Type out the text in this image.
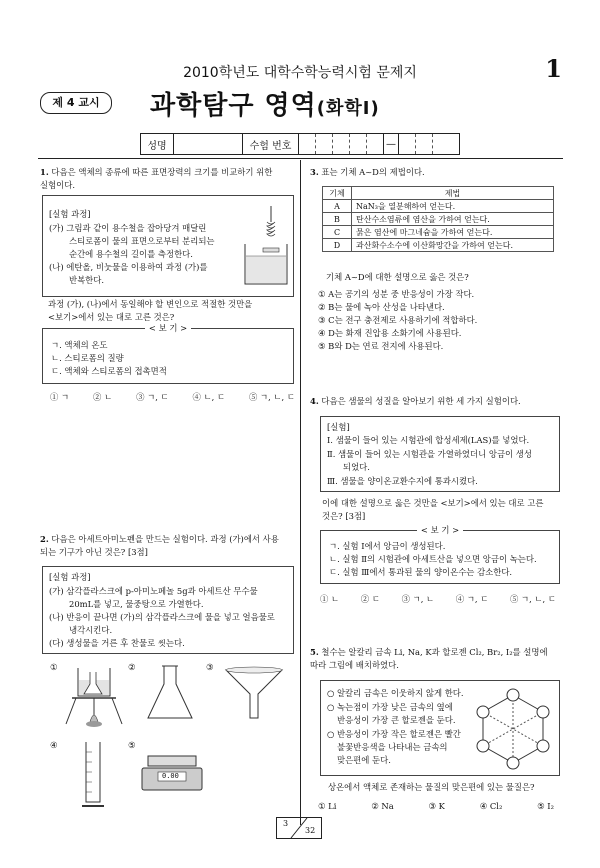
2010학년도 대학수학능력시험 문제지	1
제 4 교시	과학탐구 영역(화학Ⅰ)
성명	수험 번호	—
1. 다음은 액체의 종류에 따른 표면장력의 크기를 비교하기 위한
실험이다.
[실험 과정]
(가) 그림과 같이 용수철을 잡아당겨 매달린
스티로폼이 물의 표면으로부터 분리되는
순간에 용수철의 길이를 측정한다.
(나) 에탄올, 비눗물을 이용하여 과정 (가)를
반복한다.
과정 (가), (나)에서 동일해야 할 변인으로 적절한 것만을
<보기>에서 있는 대로 고른 것은?
< 보 기 >
ㄱ. 액체의 온도
ㄴ. 스티로폼의 질량
ㄷ. 액체와 스티로폼의 접촉면적
① ㄱ	② ㄴ	③ ㄱ, ㄷ	④ ㄴ, ㄷ	⑤ ㄱ, ㄴ, ㄷ
2. 다음은 아세트아미노펜을 만드는 실험이다. 과정 (가)에서 사용
되는 기구가 아닌 것은? [3점]
[실험 과정]
(가) 삼각플라스크에 p-아미노페놀 5g과 아세트산 무수물
20mL를 넣고, 물중탕으로 가열한다.
(나) 반응이 끝나면 (가)의 삼각플라스크에 물을 넣고 얼음물로
냉각시킨다.
(다) 생성물을 거른 후 찬물로 씻는다.
①	②	③
④	⑤
0.00
3. 표는 기체 A~D의 제법이다.
기체	제법
A	NaN₃을 열분해하여 얻는다.
B	탄산수소염류에 염산을 가하여 얻는다.
C	묽은 염산에 마그네슘을 가하여 얻는다.
D	과산화수소수에 이산화망간을 가하여 얻는다.
기체 A~D에 대한 설명으로 옳은 것은?
① A는 공기의 성분 중 반응성이 가장 작다.
② B는 물에 녹아 산성을 나타낸다.
③ C는 전구 충전제로 사용하기에 적합하다.
④ D는 화재 진압용 소화기에 사용된다.
⑤ B와 D는 연료 전지에 사용된다.
4. 다음은 샘물의 성질을 알아보기 위한 세 가지 실험이다.
[실험]
Ⅰ. 샘물이 들어 있는 시험관에 합성세제(LAS)를 넣었다.
Ⅱ. 샘물이 들어 있는 시험관을 가열하였더니 앙금이 생성
되었다.
Ⅲ. 샘물을 양이온교환수지에 통과시켰다.
이에 대한 설명으로 옳은 것만을 <보기>에서 있는 대로 고른
것은? [3점]
< 보 기 >
ㄱ. 실험 Ⅰ에서 앙금이 생성된다.
ㄴ. 실험 Ⅱ의 시험관에 아세트산을 넣으면 앙금이 녹는다.
ㄷ. 실험 Ⅲ에서 통과된 물의 양이온수는 감소한다.
① ㄴ	② ㄷ	③ ㄱ, ㄴ	④ ㄱ, ㄷ	⑤ ㄱ, ㄴ, ㄷ
5. 철수는 알칼리 금속 Li, Na, K과 할로젠 Cl₂, Br₂, I₂를 설명에
따라 그림에 배치하였다.
○ 알칼리 금속은 이웃하지 않게 한다.
○ 녹는점이 가장 낮은 금속의 옆에
반응성이 가장 큰 할로젠을 둔다.
○ 반응성이 가장 작은 할로젠은 빨간
불꽃반응색을 나타내는 금속의
맞은편에 둔다.
상온에서 액체로 존재하는 물질의 맞은편에 있는 물질은?
① Li	② Na	③ K	④ Cl₂	⑤ I₂
3
32
